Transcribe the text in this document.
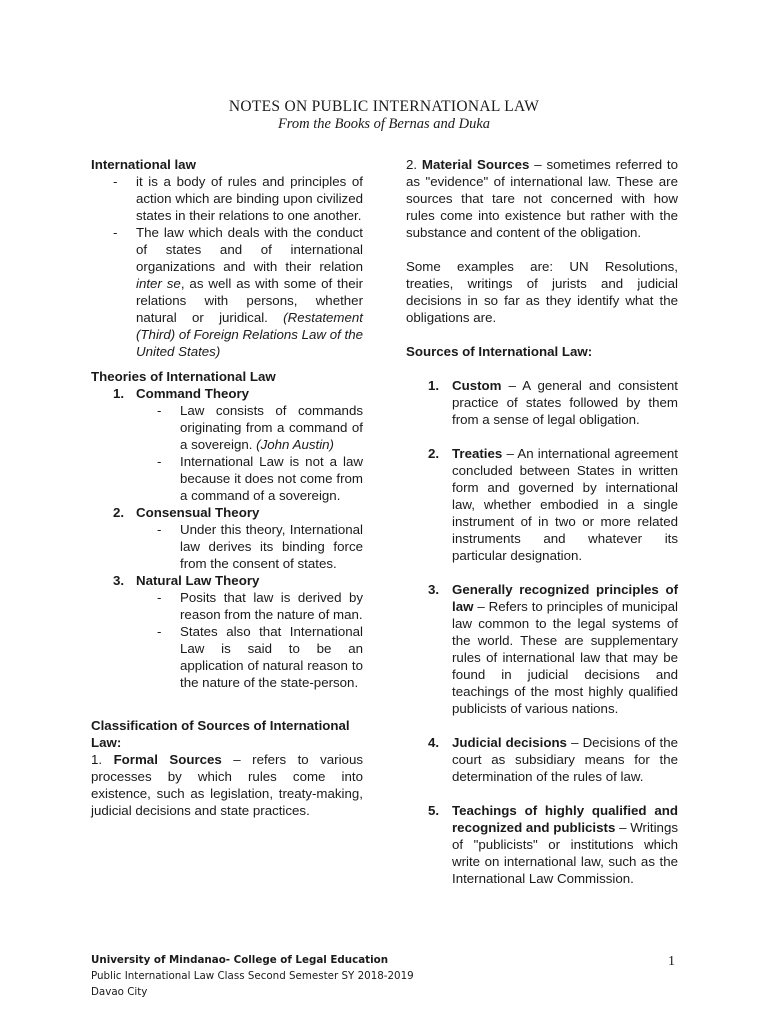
NOTES ON PUBLIC INTERNATIONAL LAW
From the Books of Bernas and Duka

International law

- it is a body of rules and principles of action which are binding upon civilized states in their relations to one another.
- The law which deals with the conduct of states and of international organizations and with their relation inter se, as well as with some of their relations with persons, whether natural or juridical. (Restatement (Third) of Foreign Relations Law of the United States)

Theories of International Law

1. Command Theory
- Law consists of commands originating from a command of a sovereign. (John Austin)
- International Law is not a law because it does not come from a command of a sovereign.
2. Consensual Theory
- Under this theory, International law derives its binding force from the consent of states.
3. Natural Law Theory
- Posits that law is derived by reason from the nature of man.
- States also that International Law is said to be an application of natural reason to the nature of the state-person.

Classification of Sources of International Law:

1. Formal Sources – refers to various processes by which rules come into existence, such as legislation, treaty-making, judicial decisions and state practices.

2. Material Sources – sometimes referred to as "evidence" of international law. These are sources that tare not concerned with how rules come into existence but rather with the substance and content of the obligation.

Some examples are: UN Resolutions, treaties, writings of jurists and judicial decisions in so far as they identify what the obligations are.

Sources of International Law:

1. Custom – A general and consistent practice of states followed by them from a sense of legal obligation.
2. Treaties – An international agreement concluded between States in written form and governed by international law, whether embodied in a single instrument of in two or more related instruments and whatever its particular designation.
3. Generally recognized principles of law – Refers to principles of municipal law common to the legal systems of the world. These are supplementary rules of international law that may be found in judicial decisions and teachings of the most highly qualified publicists of various nations.
4. Judicial decisions – Decisions of the court as subsidiary means for the determination of the rules of law.
5. Teachings of highly qualified and recognized and publicists – Writings of "publicists" or institutions which write on international law, such as the International Law Commission.
University of Mindanao- College of Legal Education
Public International Law Class Second Semester SY 2018-2019
Davao City
1
